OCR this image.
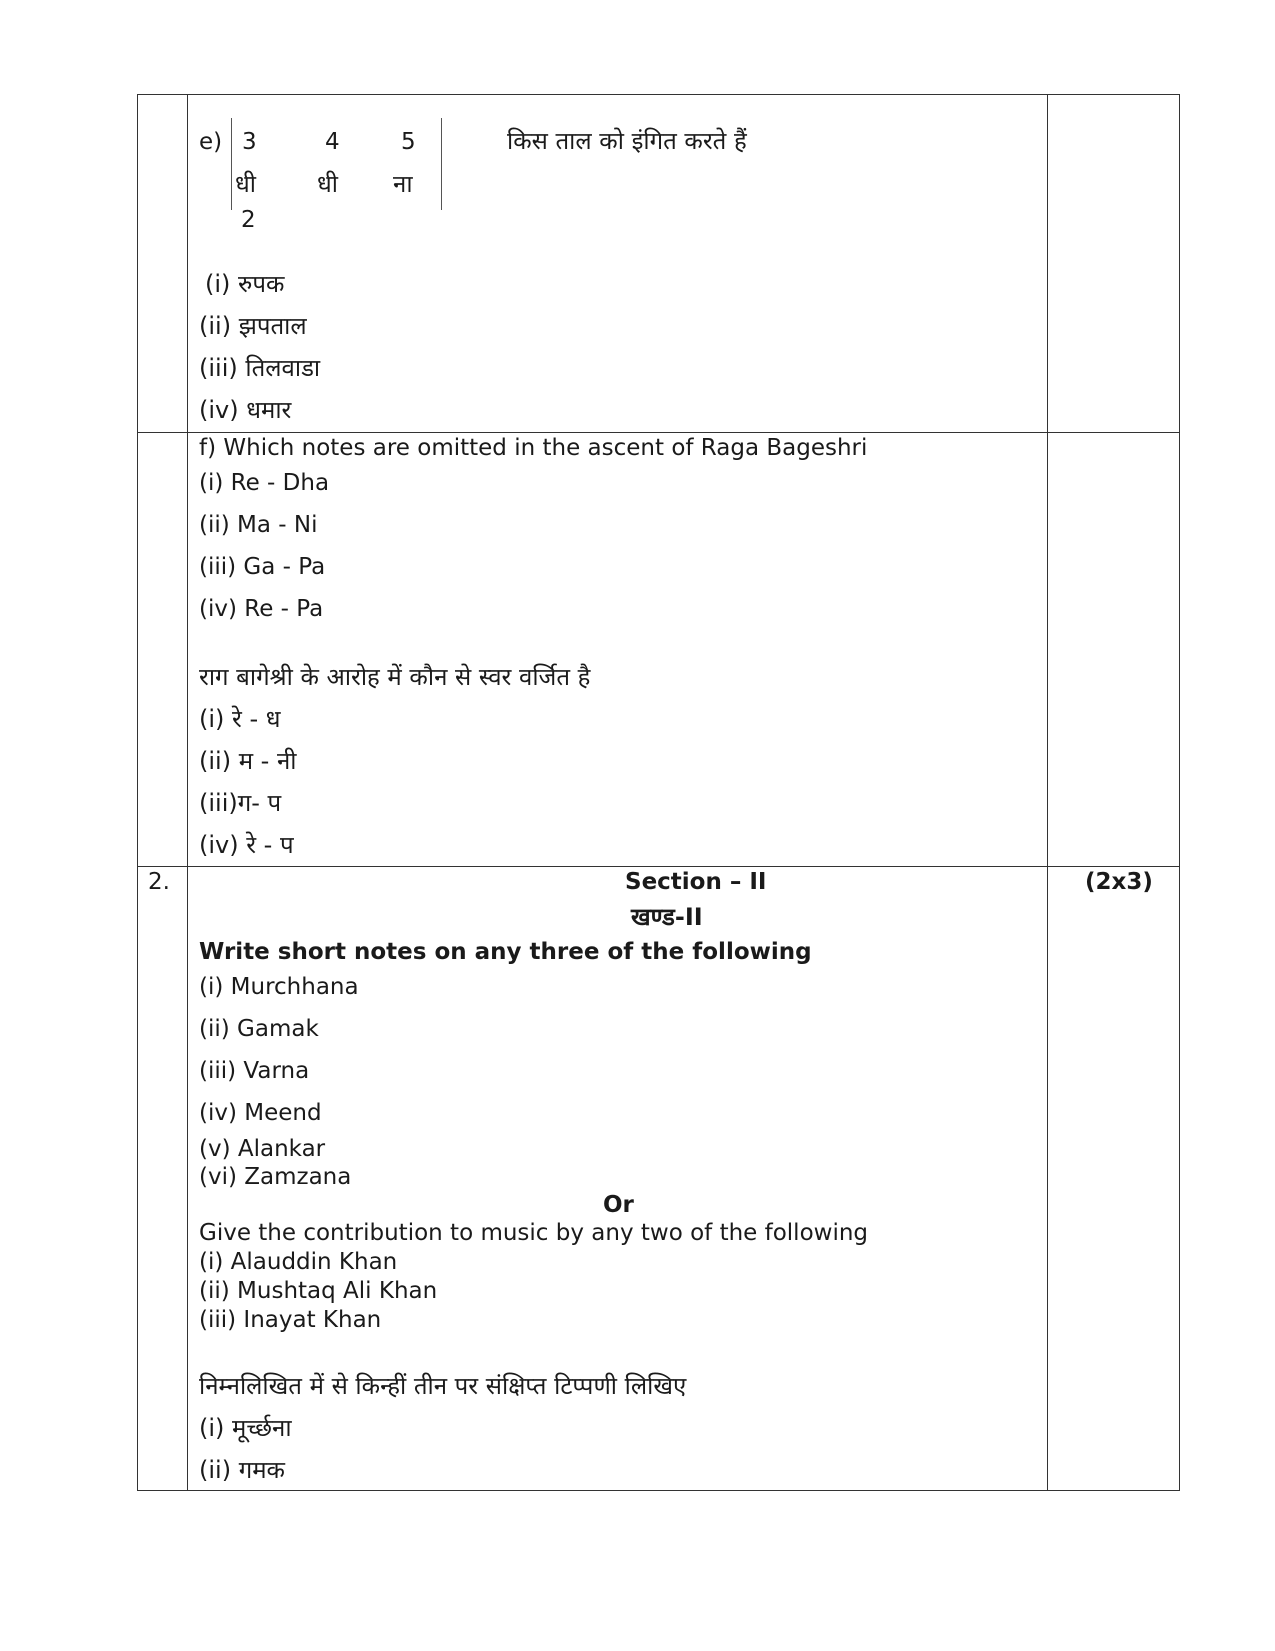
e) 3	4	5
धी	धी ना
2
किस ताल को इंगित करते हैं
(i) रुपक
(ii) झपताल
(iii) तिलवाडा
(iv) धमार
f) Which notes are omitted in the ascent of Raga Bageshri
(i) Re - Dha
(ii) Ma - Ni
(iii) Ga - Pa
(iv) Re - Pa
राग बागेश्री के आरोह में कौन से स्वर वर्जित है
(i) रे - ध
(ii) म - नी
(iii)ग- प
(iv) रे - प
2.	Section – II
खण्ड-II
(2x3)
Write short notes on any three of the following
(i) Murchhana
(ii) Gamak
(iii) Varna
(iv) Meend
(v) Alankar
(vi) Zamzana
Or
Give the contribution to music by any two of the following
(i) Alauddin Khan
(ii) Mushtaq Ali Khan
(iii) Inayat Khan
निम्नलिखित में से किन्हीं तीन पर संक्षिप्त टिप्पणी लिखिए
(i) मूर्च्छना
(ii) गमक
